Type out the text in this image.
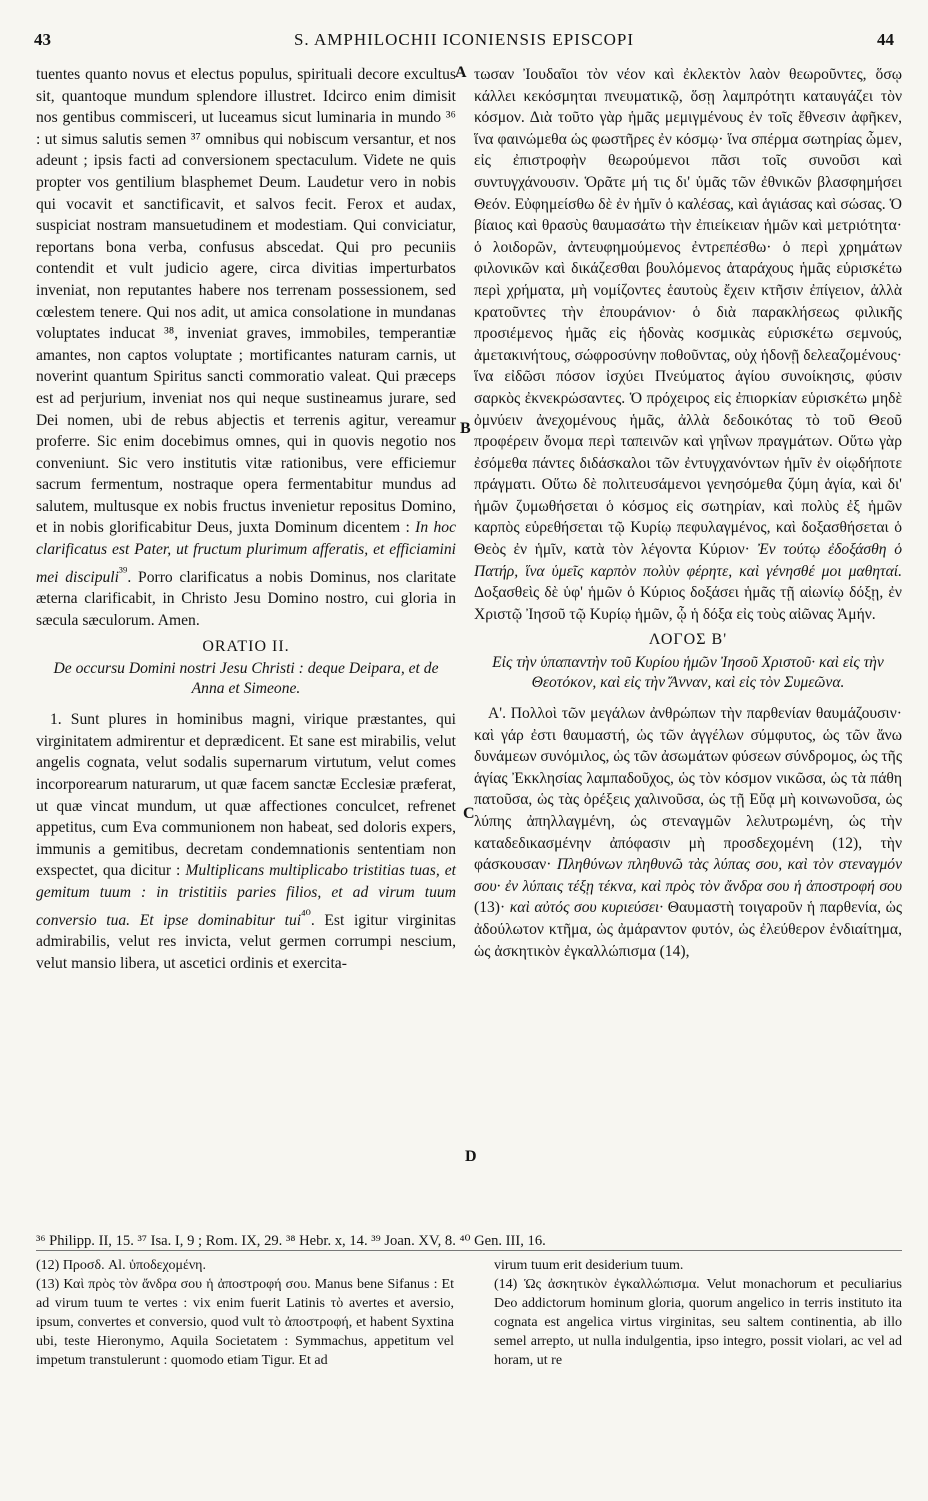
43	S. AMPHILOCHII ICONIENSIS EPISCOPI	44
A
B
C
D

tuentes quanto novus et electus populus, spirituali decore excultus sit, quantoque mundum splendore illustret. Idcirco enim dimisit nos gentibus commisceri, ut luceamus sicut luminaria in mundo ³⁶ : ut simus salutis semen ³⁷ omnibus qui nobiscum versantur, et nos adeunt ; ipsis facti ad conversionem spectaculum. Videte ne quis propter vos gentilium blasphemet Deum. Laudetur vero in nobis qui vocavit et sanctificavit, et salvos fecit. Ferox et audax, suspiciat nostram mansuetudinem et modestiam. Qui conviciatur, reportans bona verba, confusus abscedat. Qui pro pecuniis contendit et vult judicio agere, circa divitias imperturbatos inveniat, non reputantes habere nos terrenam possessionem, sed cœlestem tenere. Qui nos adit, ut amica consolatione in mundanas voluptates inducat ³⁸, inveniat graves, immobiles, temperantiæ amantes, non captos voluptate ; mortificantes naturam carnis, ut noverint quantum Spiritus sancti commoratio valeat. Qui præceps est ad perjurium, inveniat nos qui neque sustineamus jurare, sed Dei nomen, ubi de rebus abjectis et terrenis agitur, vereamur proferre. Sic enim docebimus omnes, qui in quovis negotio nos conveniunt. Sic vero institutis vitæ rationibus, vere efficiemur sacrum fermentum, nostraque opera fermentabitur mundus ad salutem, multusque ex nobis fructus invenietur repositus Domino, et in nobis glorificabitur Deus, juxta Dominum dicentem : In hoc clarificatus est Pater, ut fructum plurimum afferatis, et efficiamini mei discipuli$^{^{39}}$. Porro clarificatus a nobis Dominus, nos claritate æterna clarificabit, in Christo Jesu Domino nostro, cui gloria in sæcula sæculorum. Amen.

ORATIO II.
De occursu Domini nostri Jesu Christi : deque Deipara, et de Anna et Simeone.

1. Sunt plures in hominibus magni, virique præstantes, qui virginitatem admirentur et deprædicent. Et sane est mirabilis, velut angelis cognata, velut sodalis supernarum virtutum, velut comes incorporearum naturarum, ut quæ facem sanctæ Ecclesiæ præferat, ut quæ vincat mundum, ut quæ affectiones conculcet, refrenet appetitus, cum Eva communionem non habeat, sed doloris expers, immunis a gemitibus, decretam condemnationis sententiam non exspectet, qua dicitur : Multiplicans multiplicabo tristitias tuas, et gemitum tuum : in tristitiis paries filios, et ad virum tuum conversio tua. Et ipse dominabitur tui$^{^{40}}$. Est igitur virginitas admirabilis, velut res invicta, velut germen corrumpi nescium, velut mansio libera, ut ascetici ordinis et exercita-

τωσαν Ἰουδαῖοι τὸν νέον καὶ ἐκλεκτὸν λαὸν θεωροῦντες, ὅσῳ κάλλει κεκόσμηται πνευματικῷ, ὅσῃ λαμπρότητι καταυγάζει τὸν κόσμον. Διὰ τοῦτο γὰρ ἡμᾶς μεμιγμένους ἐν τοῖς ἔθνεσιν ἀφῆκεν, ἵνα φαινώμεθα ὡς φωστῆρες ἐν κόσμῳ· ἵνα σπέρμα σωτηρίας ὦμεν, εἰς ἐπιστροφὴν θεωρούμενοι πᾶσι τοῖς συνοῦσι καὶ συντυγχάνουσιν. Ὁρᾶτε μή τις δι' ὑμᾶς τῶν ἐθνικῶν βλασφημήσει Θεόν. Εὐφημείσθω δὲ ἐν ἡμῖν ὁ καλέσας, καὶ ἁγιάσας καὶ σώσας. Ὁ βίαιος καὶ θρασὺς θαυμασάτω τὴν ἐπιείκειαν ἡμῶν καὶ μετριότητα· ὁ λοιδορῶν, ἀντευφημούμενος ἐντρεπέσθω· ὁ περὶ χρημάτων φιλονικῶν καὶ δικάζεσθαι βουλόμενος ἀταράχους ἡμᾶς εὑρισκέτω περὶ χρήματα, μὴ νομίζοντες ἑαυτοὺς ἔχειν κτῆσιν ἐπίγειον, ἀλλὰ κρατοῦντες τὴν ἐπουράνιον· ὁ διὰ παρακλήσεως φιλικῆς προσιέμενος ἡμᾶς εἰς ἡδονὰς κοσμικὰς εὑρισκέτω σεμνούς, ἀμετακινήτους, σώφροσύνην ποθοῦντας, οὐχ ἡδονῇ δελεαζομένους· ἵνα εἰδῶσι πόσον ἰσχύει Πνεύματος ἁγίου συνοίκησις, φύσιν σαρκὸς ἐκνεκρώσαντες. Ὁ πρόχειρος εἰς ἐπιορκίαν εὑρισκέτω μηδὲ ὀμνύειν ἀνεχομένους ἡμᾶς, ἀλλὰ δεδοικότας τὸ τοῦ Θεοῦ προφέρειν ὄνομα περὶ ταπεινῶν καὶ γηΐνων πραγμάτων. Οὕτω γὰρ ἐσόμεθα πάντες διδάσκαλοι τῶν ἐντυγχανόντων ἡμῖν ἐν οἱῳδήποτε πράγματι. Οὕτω δὲ πολιτευσάμενοι γενησόμεθα ζύμη ἁγία, καὶ δι' ἡμῶν ζυμωθήσεται ὁ κόσμος εἰς σωτηρίαν, καὶ πολὺς ἐξ ἡμῶν καρπὸς εὑρεθήσεται τῷ Κυρίῳ πεφυλαγμένος, καὶ δοξασθήσεται ὁ Θεὸς ἐν ἡμῖν, κατὰ τὸν λέγοντα Κύριον· Ἐν τούτῳ ἐδοξάσθη ὁ Πατήρ, ἵνα ὑμεῖς καρπὸν πολὺν φέρητε, καὶ γένησθέ μοι μαθηταί. Δοξασθεὶς δὲ ὑφ' ἡμῶν ὁ Κύριος δοξάσει ἡμᾶς τῇ αἰωνίῳ δόξῃ, ἐν Χριστῷ Ἰησοῦ τῷ Κυρίῳ ἡμῶν, ᾧ ἡ δόξα εἰς τοὺς αἰῶνας Ἀμήν.

ΛΟΓΟΣ Β'
Εἰς τὴν ὑπαπαντὴν τοῦ Κυρίου ἡμῶν Ἰησοῦ Χριστοῦ· καὶ εἰς τὴν Θεοτόκον, καὶ εἰς τὴν Ἄνναν, καὶ εἰς τὸν Συμεῶνα.

Α'. Πολλοὶ τῶν μεγάλων ἀνθρώπων τὴν παρθενίαν θαυμάζουσιν· καὶ γάρ ἐστι θαυμαστή, ὡς τῶν ἀγγέλων σύμφυτος, ὡς τῶν ἄνω δυνάμεων συνόμιλος, ὡς τῶν ἀσωμάτων φύσεων σύνδρομος, ὡς τῆς ἁγίας Ἐκκλησίας λαμπαδοῦχος, ὡς τὸν κόσμον νικῶσα, ὡς τὰ πάθη πατοῦσα, ὡς τὰς ὀρέξεις χαλινοῦσα, ὡς τῇ Εὔᾳ μὴ κοινωνοῦσα, ὡς λύπης ἀπηλλαγμένη, ὡς στεναγμῶν λελυτρωμένη, ὡς τὴν καταδεδικασμένην ἀπόφασιν μὴ προσδεχομένη (12), τὴν φάσκουσαν· Πληθύνων πληθυνῶ τὰς λύπας σου, καὶ τὸν στεναγμόν σου· ἐν λύπαις τέξῃ τέκνα, καὶ πρὸς τὸν ἄνδρα σου ἡ ἀποστροφή σου (13)· καὶ αὐτός σου κυριεύσει· Θαυμαστὴ τοιγαροῦν ἡ παρθενία, ὡς ἀδούλωτον κτῆμα, ὡς ἀμάραντον φυτόν, ὡς ἐλεύθερον ἐνδιαίτημα, ὡς ἀσκητικὸν ἐγκαλλώπισμα (14),

³⁶ Philipp. II, 15. ³⁷ Isa. I, 9 ; Rom. IX, 29. ³⁸ Hebr. x, 14. ³⁹ Joan. XV, 8. ⁴⁰ Gen. III, 16.

(12) Προσδ. Al. ὑποδεχομένη.
(13) Καὶ πρὸς τὸν ἄνδρα σου ἡ ἀποστροφή σου. Manus bene Sifanus : Et ad virum tuum te vertes : vix enim fuerit Latinis τὸ avertes et aversio, ipsum, convertes et conversio, quod vult τὸ ἀποστροφή, et habent Syxtina ubi, teste Hieronymo, Aquila Societatem : Symmachus, appetitum vel impetum transtulerunt : quomodo etiam Tigur. Et ad

virum tuum erit desiderium tuum.
(14) Ὡς ἀσκητικὸν ἐγκαλλώπισμα. Velut monachorum et peculiarius Deo addictorum hominum gloria, quorum angelico in terris instituto ita cognata est angelica virtus virginitas, seu saltem continentia, ab illo semel arrepto, ut nulla indulgentia, ipso integro, possit violari, ac vel ad horam, ut re
